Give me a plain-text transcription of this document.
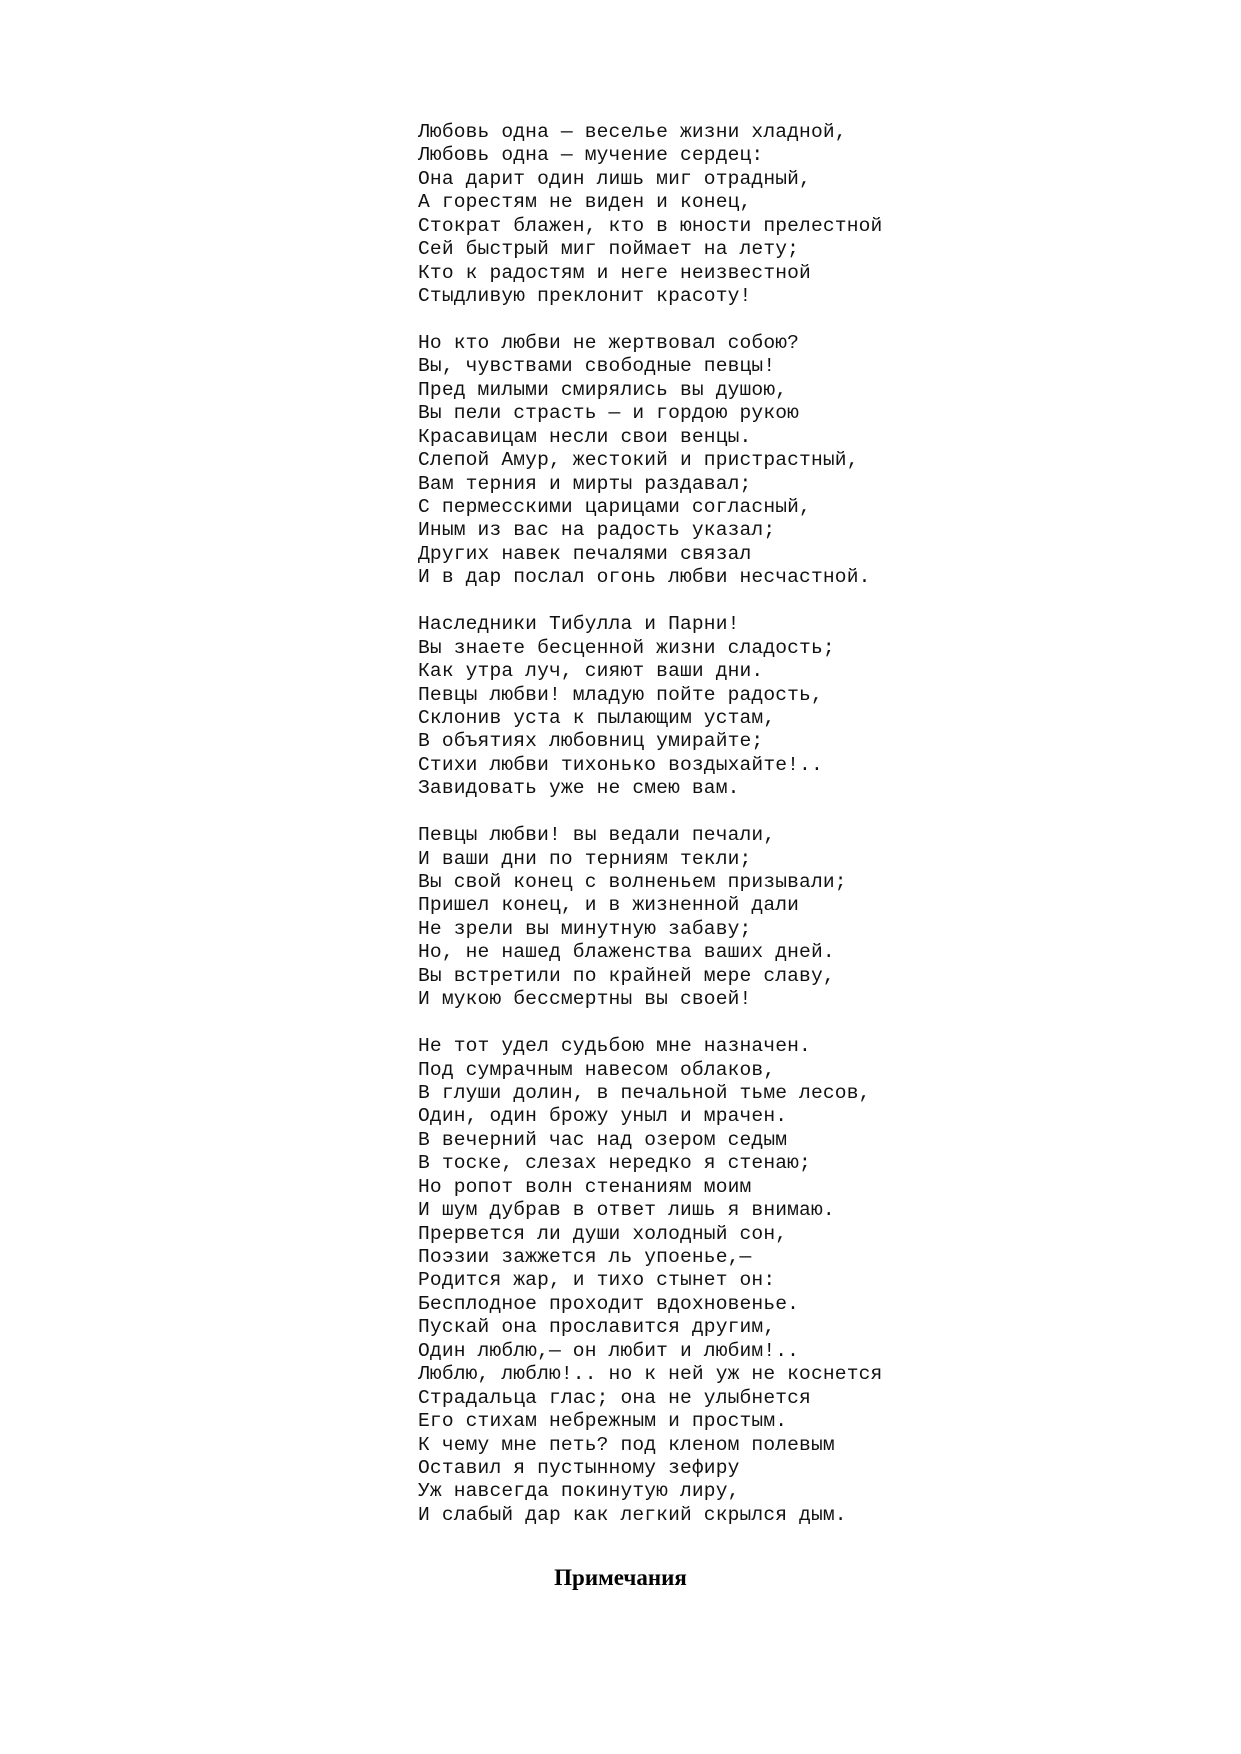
Любовь одна — веселье жизни хладной,
Любовь одна — мучение сердец:
Она дарит один лишь миг отрадный,
А горестям не виден и конец,
Стократ блажен, кто в юности прелестной
Сей быстрый миг поймает на лету;
Кто к радостям и неге неизвестной
Стыдливую преклонит красоту!
Но кто любви не жертвовал собою?
Вы, чувствами свободные певцы!
Пред милыми смирялись вы душою,
Вы пели страсть — и гордою рукою
Красавицам несли свои венцы.
Слепой Амур, жестокий и пристрастный,
Вам терния и мирты раздавал;
С пермесскими царицами согласный,
Иным из вас на радость указал;
Других навек печалями связал
И в дар послал огонь любви несчастной.
Наследники Тибулла и Парни!
Вы знаете бесценной жизни сладость;
Как утра луч, сияют ваши дни.
Певцы любви! младую пойте радость,
Склонив уста к пылающим устам,
В объятиях любовниц умирайте;
Стихи любви тихонько воздыхайте!..
Завидовать уже не смею вам.
Певцы любви! вы ведали печали,
И ваши дни по терниям текли;
Вы свой конец с волненьем призывали;
Пришел конец, и в жизненной дали
Не зрели вы минутную забаву;
Но, не нашед блаженства ваших дней.
Вы встретили по крайней мере славу,
И мукою бессмертны вы своей!
Не тот удел судьбою мне назначен.
Под сумрачным навесом облаков,
В глуши долин, в печальной тьме лесов,
Один, один брожу уныл и мрачен.
В вечерний час над озером седым
В тоске, слезах нередко я стенаю;
Но ропот волн стенаниям моим
И шум дубрав в ответ лишь я внимаю.
Прервется ли души холодный сон,
Поэзии зажжется ль упоенье,—
Родится жар, и тихо стынет он:
Бесплодное проходит вдохновенье.
Пускай она прославится другим,
Один люблю,— он любит и любим!..
Люблю, люблю!.. но к ней уж не коснется
Страдальца глас; она не улыбнется
Его стихам небрежным и простым.
К чему мне петь? под кленом полевым
Оставил я пустынному зефиру
Уж навсегда покинутую лиру,
И слабый дар как легкий скрылся дым.
Примечания
